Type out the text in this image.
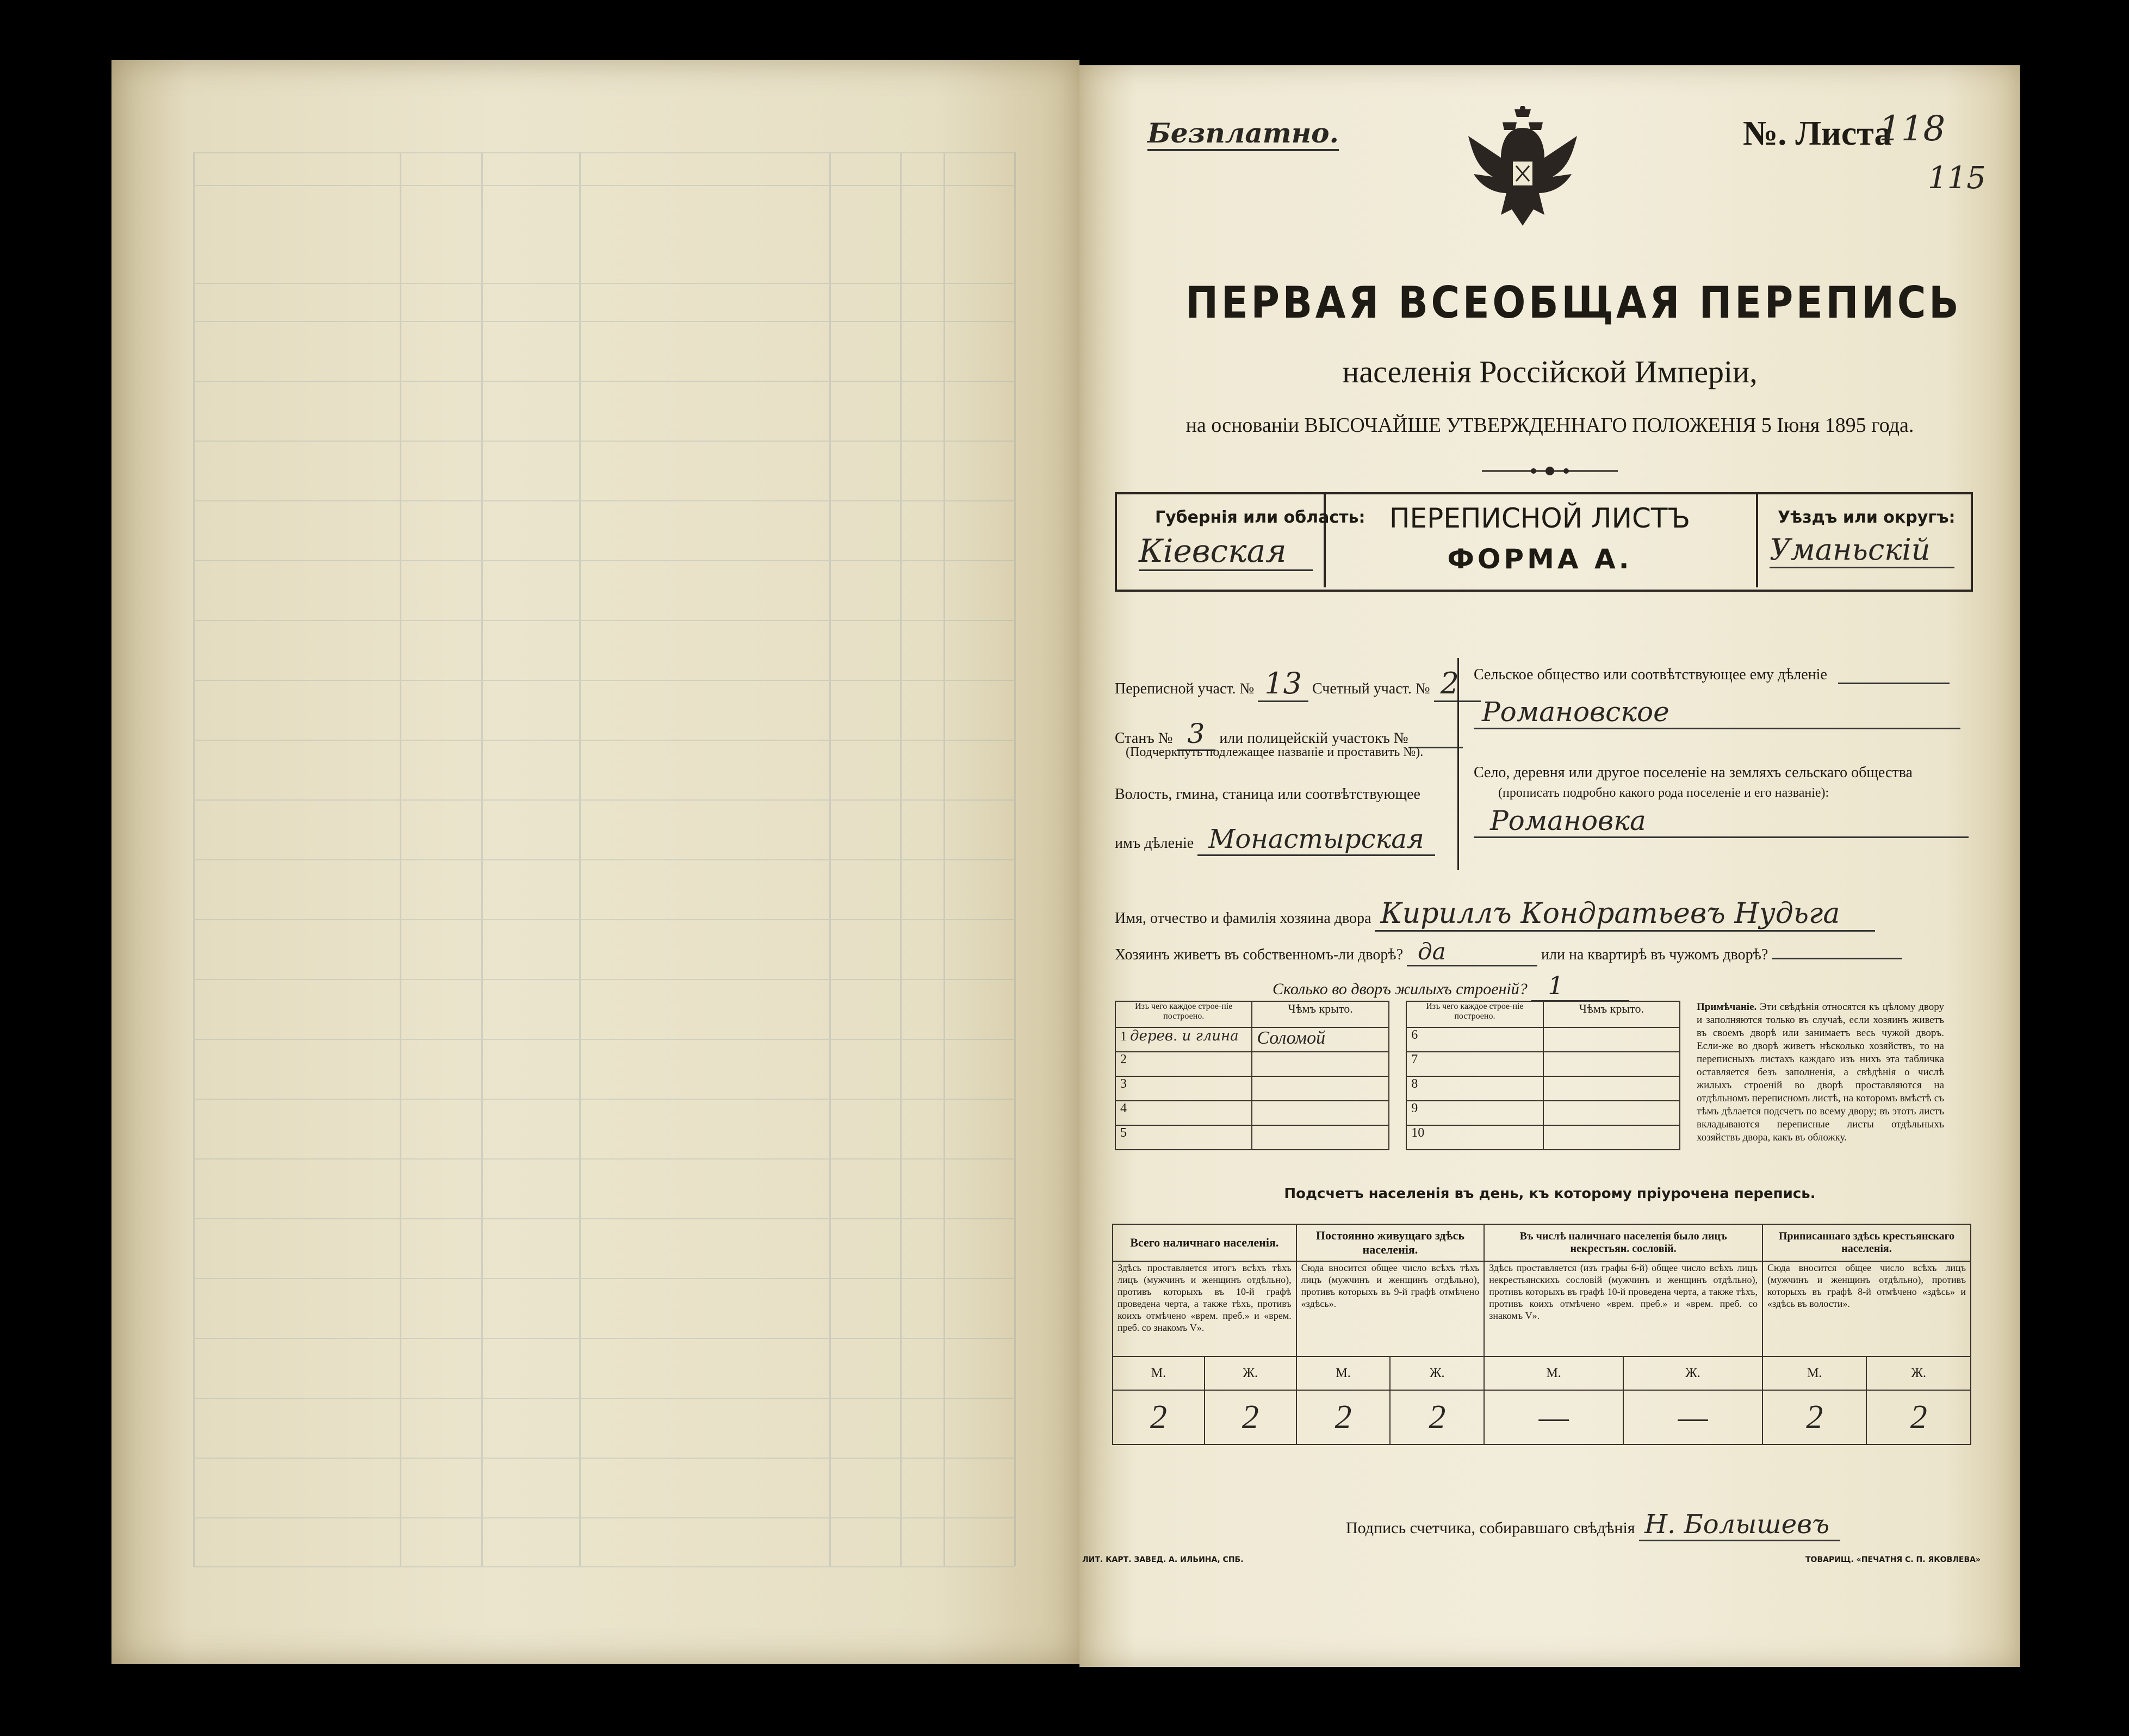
Безплатно.	№. Листа
118
115
ПЕРВАЯ ВСЕОБЩАЯ ПЕРЕПИСЬ
населенія Россійской Имперіи,
на основаніи ВЫСОЧАЙШЕ УТВЕРЖДЕННАГО ПОЛОЖЕНІЯ 5 Іюня 1895 года.
Губернія или область:
Кіевская
ПЕРЕПИСНОЙ ЛИСТЪ
ФОРМА А.
Уѣздъ или округъ:
Уманьскій
Переписной участ. № 13 Счетный участ. № 2
Станъ № 3 или полицейскій участокъ №
(Подчеркнуть подлежащее названіе и проставить №).
Волость, гмина, станица или соотвѣтствующее
имъ дѣленіе Монастырская
Сельское общество или соотвѣтствующее ему дѣленіе
Романовское
Село, деревня или другое поселеніе на земляхъ сельскаго общества
(прописать подробно какого рода поселеніе и его названіе):
Романовка
Имя, отчество и фамилія хозяина двора Кириллъ Кондратьевъ Нудьга
Хозяинъ живетъ въ собственномъ-ли дворѣ? да	или на квартирѣ въ чужомъ дворѣ?
Сколько во дворъ жилыхъ строеній? 1
Изъ чего каждое строе-ніе построено.	Чѣмъ крыто.		Изъ чего каждое строе-ніе построено.	Чѣмъ крыто.
1 дерев. и глина	Соломой		6	
2			7	
3			8	
4			9	
5			10	
Примѣчаніе. Эти свѣдѣнія относятся къ цѣлому двору и заполняются только въ случаѣ, если хозяинъ живетъ въ своемъ дворѣ или занимаетъ весь чужой дворъ. Если-же во дворѣ живетъ нѣсколько хозяйствъ, то на переписныхъ листахъ каждаго изъ нихъ эта табличка оставляется безъ заполненія, а свѣдѣнія о числѣ жилыхъ строеній во дворѣ проставляются на отдѣльномъ переписномъ листѣ, на которомъ вмѣстѣ съ тѣмъ дѣлается подсчетъ по всему двору; въ этотъ листъ вкладываются переписные листы отдѣльныхъ хозяйствъ двора, какъ въ обложку.
Подсчетъ населенія въ день, къ которому пріурочена перепись.
Всего наличнаго населенія.		Постоянно живущаго здѣсь населенія.		Въ числѣ наличнаго населенія было лицъ некрестьян. сословій.		Приписаннаго здѣсь крестьянскаго населенія.	
Здѣсь проставляется итогъ всѣхъ тѣхъ лицъ (мужчинъ и женщинъ отдѣльно), противъ которыхъ въ 10-й графѣ проведена черта, а также тѣхъ, противъ коихъ отмѣчено «врем. преб.» и «врем. преб. со знакомъ V».		Сюда вносится общее число всѣхъ тѣхъ лицъ (мужчинъ и женщинъ отдѣльно), противъ которыхъ въ 9-й графѣ отмѣчено «здѣсь».		Здѣсь проставляется (изъ графы 6-й) общее число всѣхъ лицъ некрестьянскихъ сословій (мужчинъ и женщинъ отдѣльно), противъ которыхъ въ графѣ 10-й проведена черта, а также тѣхъ, противъ коихъ отмѣчено «врем. преб.» и «врем. преб. со знакомъ V».		Сюда вносится общее число всѣхъ лицъ (мужчинъ и женщинъ отдѣльно), противъ которыхъ въ графѣ 8-й отмѣчено «здѣсь» и «здѣсь въ волости».	
М.	Ж.	М.	Ж.	М.	Ж.	М.	Ж.
2	2	2	2	—	—	2	2
Подпись счетчика, собиравшаго свѣдѣнія Н. Болышевъ
ЛИТ. КАРТ. ЗАВЕД. А. ИЛЬИНА, СПБ.	ТОВАРИЩ. «ПЕЧАТНЯ С. П. ЯКОВЛЕВА»
